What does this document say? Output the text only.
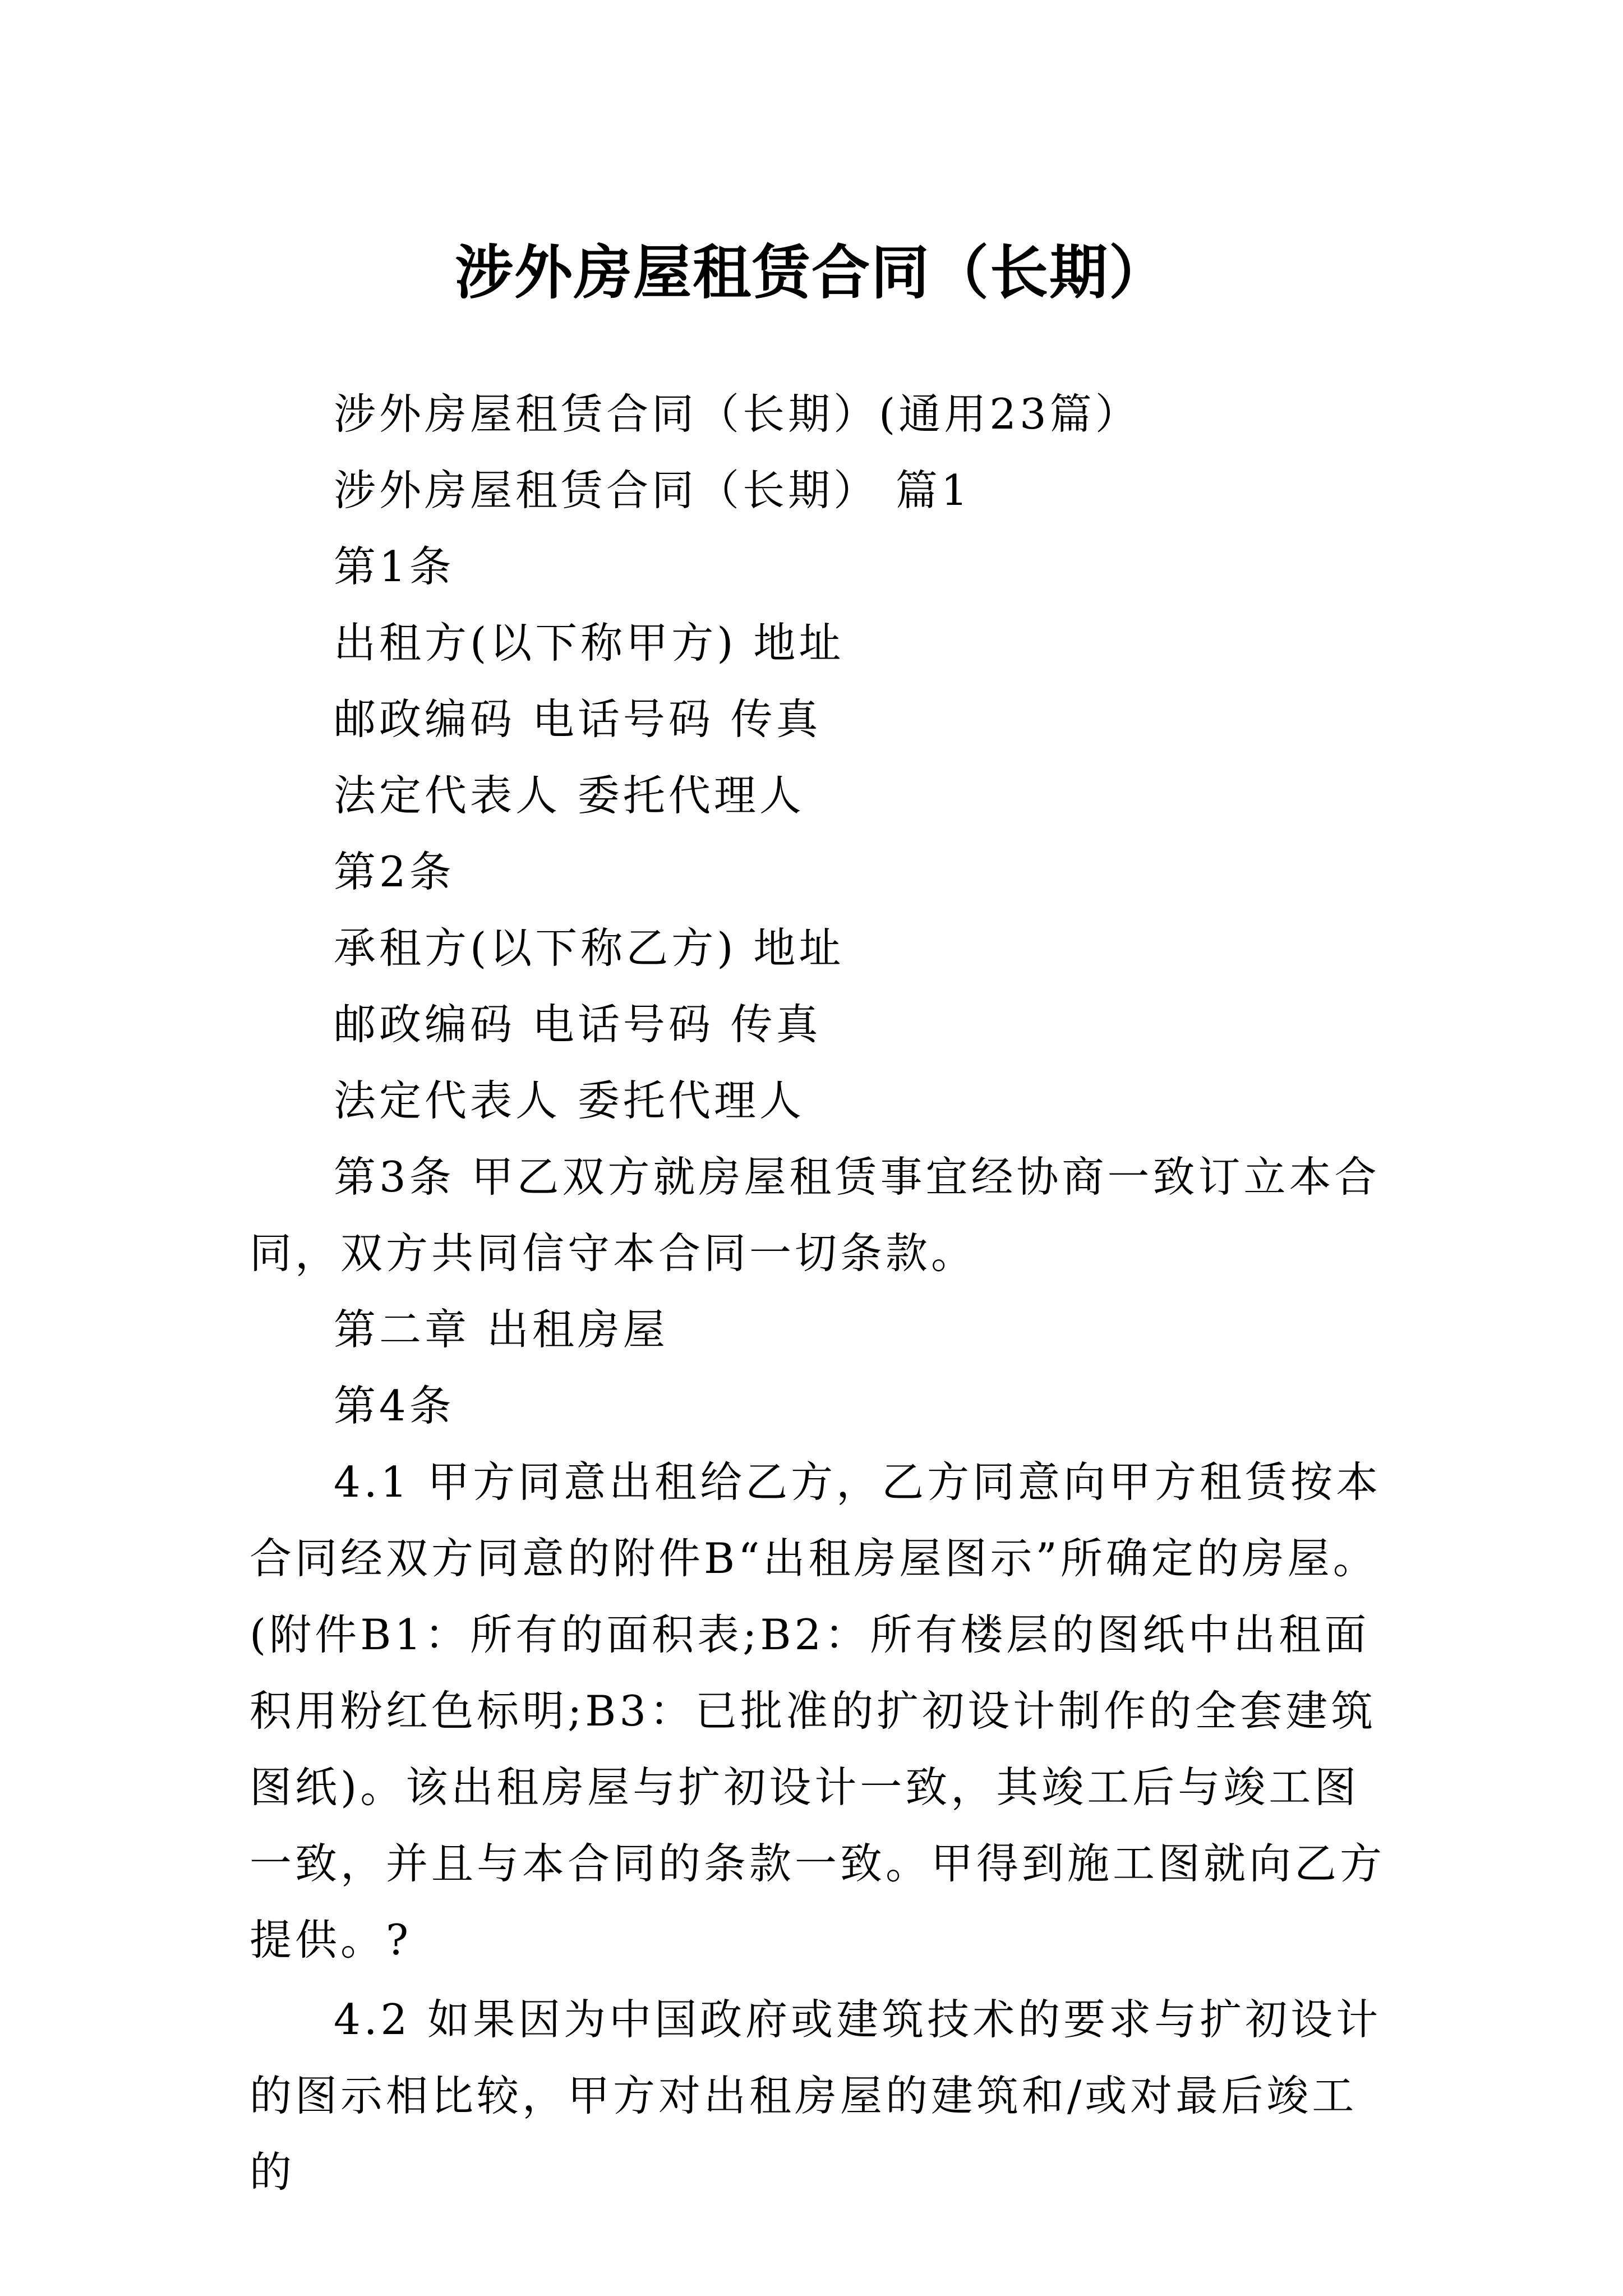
涉外房屋租赁合同（长期）

涉外房屋租赁合同（长期）(通用23篇）

涉外房屋租赁合同（长期） 篇1

第1条

出租方(以下称甲方) 地址

邮政编码 电话号码 传真

法定代表人 委托代理人

第2条

承租方(以下称乙方) 地址

邮政编码 电话号码 传真

法定代表人 委托代理人

第3条 甲乙双方就房屋租赁事宜经协商一致订立本合同，双方共同信守本合同一切条款。

第二章 出租房屋

第4条

4.1 甲方同意出租给乙方，乙方同意向甲方租赁按本合同经双方同意的附件B“出租房屋图示”所确定的房屋。(附件B1：所有的面积表;B2：所有楼层的图纸中出租面积用粉红色标明;B3：已批准的扩初设计制作的全套建筑图纸)。该出租房屋与扩初设计一致，其竣工后与竣工图一致，并且与本合同的条款一致。甲得到施工图就向乙方提供。?

4.2 如果因为中国政府或建筑技术的要求与扩初设计的图示相比较，甲方对出租房屋的建筑和/或对最后竣工的
